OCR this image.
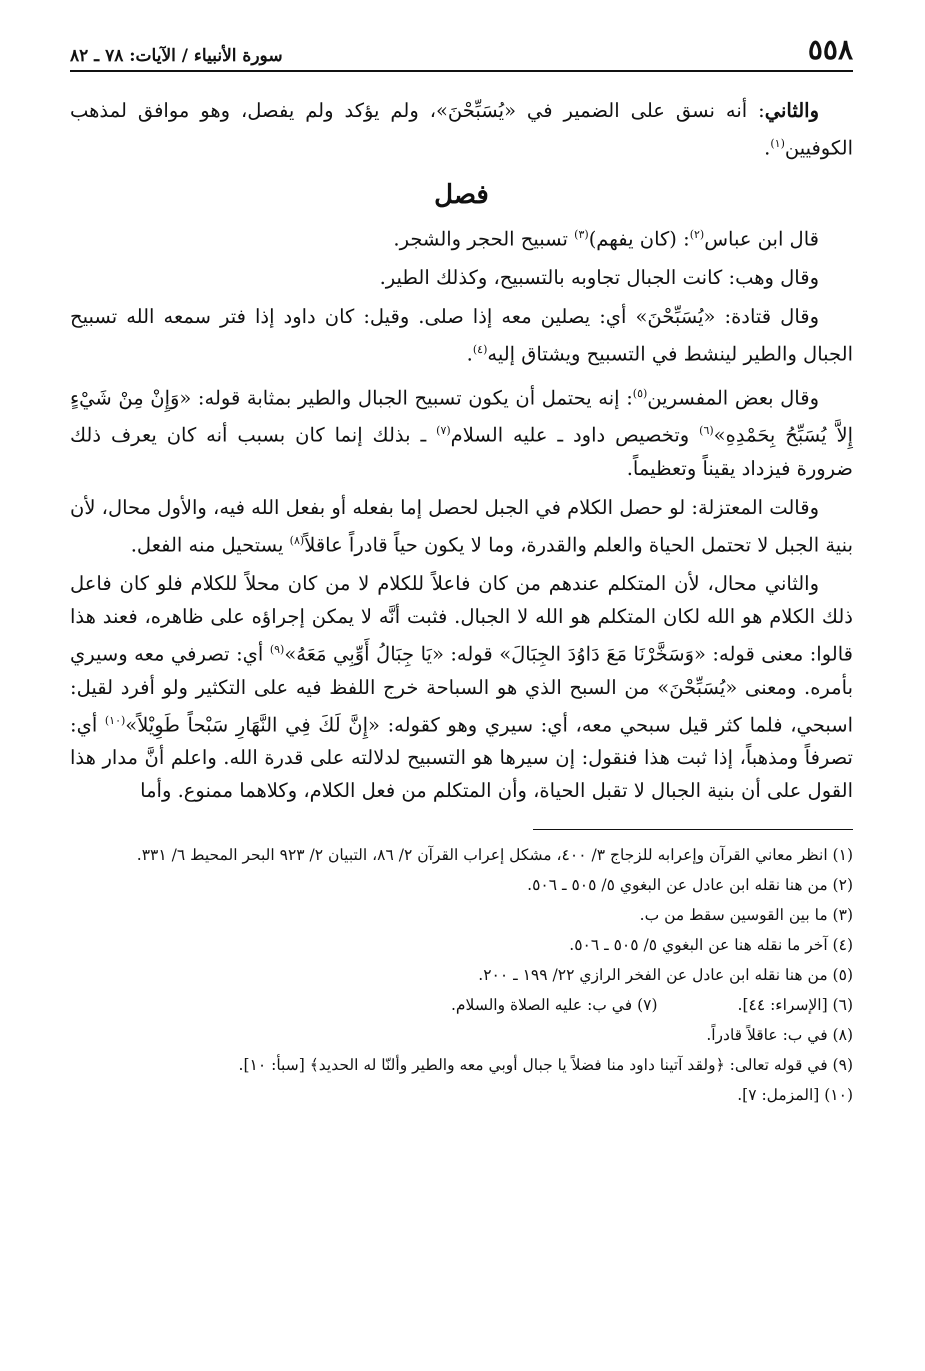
٥٥٨
سورة الأنبياء / الآيات: ٧٨ ـ ٨٢

والثاني: أنه نسق على الضمير في «يُسَبِّحْنَ»، ولم يؤكد ولم يفصل، وهو موافق لمذهب الكوفيين$^{(١)}$.

فصل

قال ابن عباس$^{(٢)}$: (كان يفهم)$^{(٣)}$ تسبيح الحجر والشجر.

وقال وهب: كانت الجبال تجاوبه بالتسبيح، وكذلك الطير.

وقال قتادة: «يُسَبِّحْنَ» أي: يصلين معه إذا صلى. وقيل: كان داود إذا فتر سمعه الله تسبيح الجبال والطير لينشط في التسبيح ويشتاق إليه$^{(٤)}$.

وقال بعض المفسرين$^{(٥)}$: إنه يحتمل أن يكون تسبيح الجبال والطير بمثابة قوله: «وَإِنْ مِنْ شَيْءٍ إِلاَّ يُسَبِّحُ بِحَمْدِهِ»$^{(٦)}$ وتخصيص داود ـ عليه السلام$^{(٧)}$ ـ بذلك إنما كان بسبب أنه كان يعرف ذلك ضرورة فيزداد يقيناً وتعظيماً.

وقالت المعتزلة: لو حصل الكلام في الجبل لحصل إما بفعله أو بفعل الله فيه، والأول محال، لأن بنية الجبل لا تحتمل الحياة والعلم والقدرة، وما لا يكون حياً قادراً عاقلاً$^{(٨)}$ يستحيل منه الفعل.

والثاني محال، لأن المتكلم عندهم من كان فاعلاً للكلام لا من كان محلاً للكلام فلو كان فاعل ذلك الكلام هو الله لكان المتكلم هو الله لا الجبال. فثبت أنَّه لا يمكن إجراؤه على ظاهره، فعند هذا قالوا: معنى قوله: «وَسَخَّرْنَا مَعَ دَاوُدَ الجِبَالَ» قوله: «يَا جِبَالُ أَوِّبِي مَعَهُ»$^{(٩)}$ أي: تصرفي معه وسيري بأمره. ومعنى «يُسَبِّحْنَ» من السبح الذي هو السباحة خرج اللفظ فيه على التكثير ولو أفرد لقيل: اسبحي، فلما كثر قيل سبحي معه، أي: سيري وهو كقوله: «إِنَّ لَكَ فِي النَّهَارِ سَبْحاً طَوِيْلاً»$^{(١٠)}$ أي: تصرفاً ومذهباً، إذا ثبت هذا فنقول: إن سيرها هو التسبيح لدلالته على قدرة الله. واعلم أنَّ مدار هذا القول على أن بنية الجبال لا تقبل الحياة، وأن المتكلم من فعل الكلام، وكلاهما ممنوع. وأما

(١) انظر معاني القرآن وإعرابه للزجاج ٣/ ٤٠٠، مشكل إعراب القرآن ٢/ ٨٦، التبيان ٢/ ٩٢٣ البحر المحيط ٦/ ٣٣١.

(٢) من هنا نقله ابن عادل عن البغوي ٥/ ٥٠٥ ـ ٥٠٦.

(٣) ما بين القوسين سقط من ب.

(٤) آخر ما نقله هنا عن البغوي ٥/ ٥٠٥ ـ ٥٠٦.

(٥) من هنا نقله ابن عادل عن الفخر الرازي ٢٢/ ١٩٩ ـ ٢٠٠.

(٦) [الإسراء: ٤٤].

(٧) في ب: عليه الصلاة والسلام.

(٨) في ب: عاقلاً قادراً.

(٩) في قوله تعالى: ﴿ولقد آتينا داود منا فضلاً يا جبال أوبي معه والطير وألنّا له الحديد﴾ [سبأ: ١٠].

(١٠) [المزمل: ٧].
